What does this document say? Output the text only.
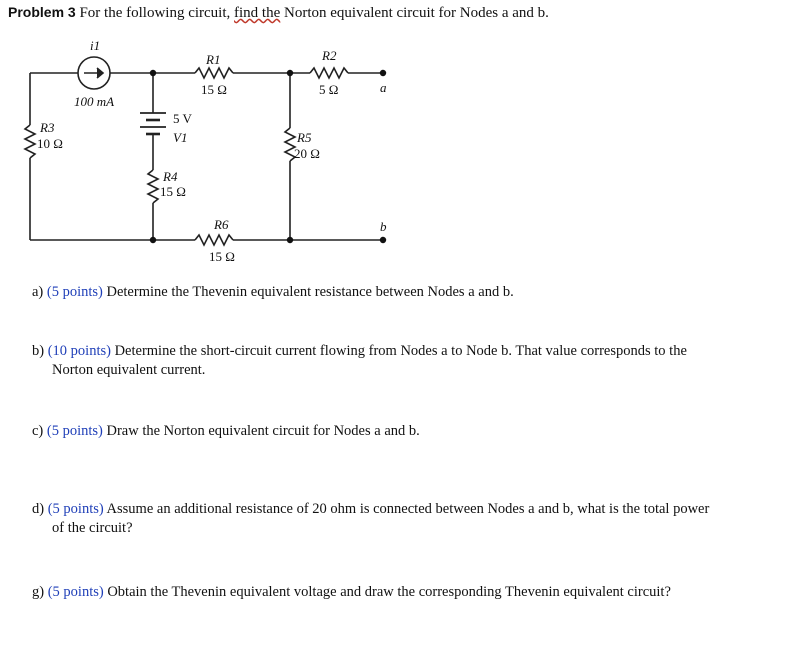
Problem 3 For the following circuit, find the Norton equivalent circuit for Nodes a and b.
i1
100 mA
R1
15 Ω
R2
5 Ω
R3
10 Ω
5 V
V1
R4
15 Ω
R5
20 Ω
R6
15 Ω
a
b
a) (5 points) Determine the Thevenin equivalent resistance between Nodes a and b.
b) (10 points) Determine the short-circuit current flowing from Nodes a to Node b. That value corresponds to the
Norton equivalent current.
c) (5 points) Draw the Norton equivalent circuit for Nodes a and b.
d) (5 points) Assume an additional resistance of 20 ohm is connected between Nodes a and b, what is the total power
of the circuit?
g) (5 points) Obtain the Thevenin equivalent voltage and draw the corresponding Thevenin equivalent circuit?
